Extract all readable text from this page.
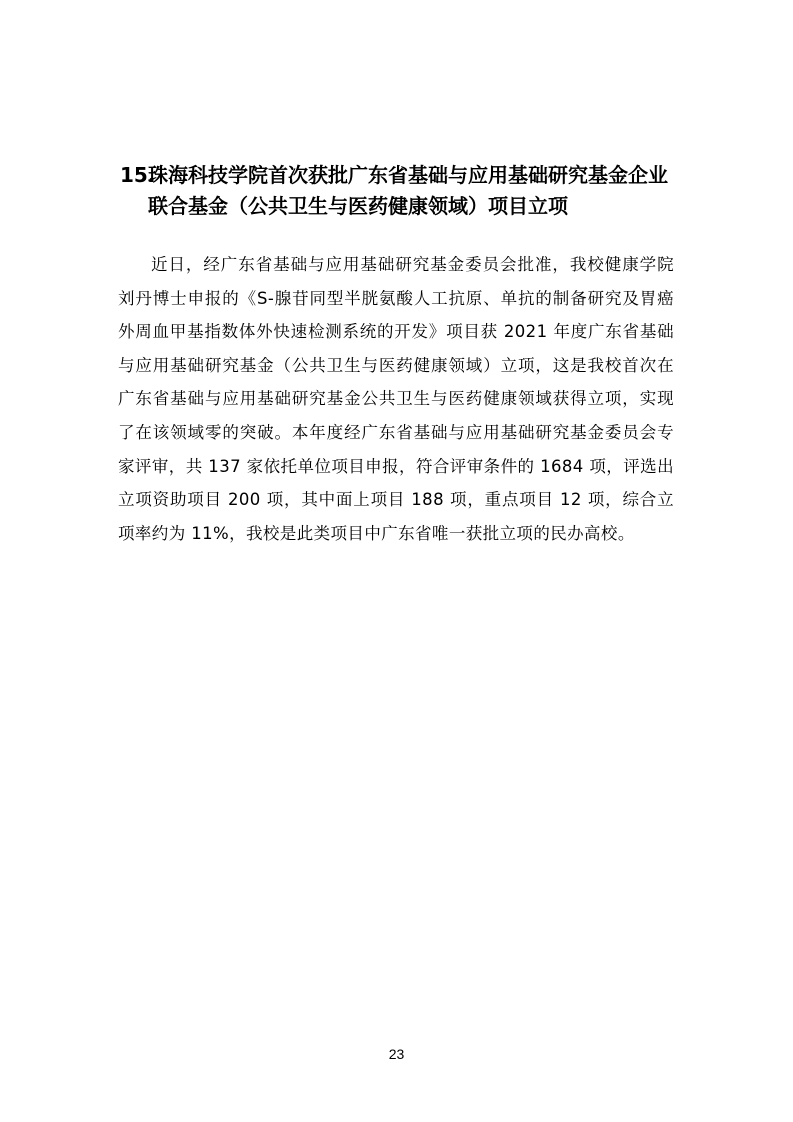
15.珠海科技学院首次获批广东省基础与应用基础研究基金企业
联合基金（公共卫生与医药健康领域）项目立项

近日，经广东省基础与应用基础研究基金委员会批准，我校健康学院刘丹博士申报的《S-腺苷同型半胱氨酸人工抗原、单抗的制备研究及胃癌外周血甲基指数体外快速检测系统的开发》项目获 2021 年度广东省基础与应用基础研究基金（公共卫生与医药健康领域）立项，这是我校首次在广东省基础与应用基础研究基金公共卫生与医药健康领域获得立项，实现了在该领域零的突破。本年度经广东省基础与应用基础研究基金委员会专家评审，共 137 家依托单位项目申报，符合评审条件的 1684 项，评选出立项资助项目 200 项，其中面上项目 188 项，重点项目 12 项，综合立项率约为 11%，我校是此类项目中广东省唯一获批立项的民办高校。

23
